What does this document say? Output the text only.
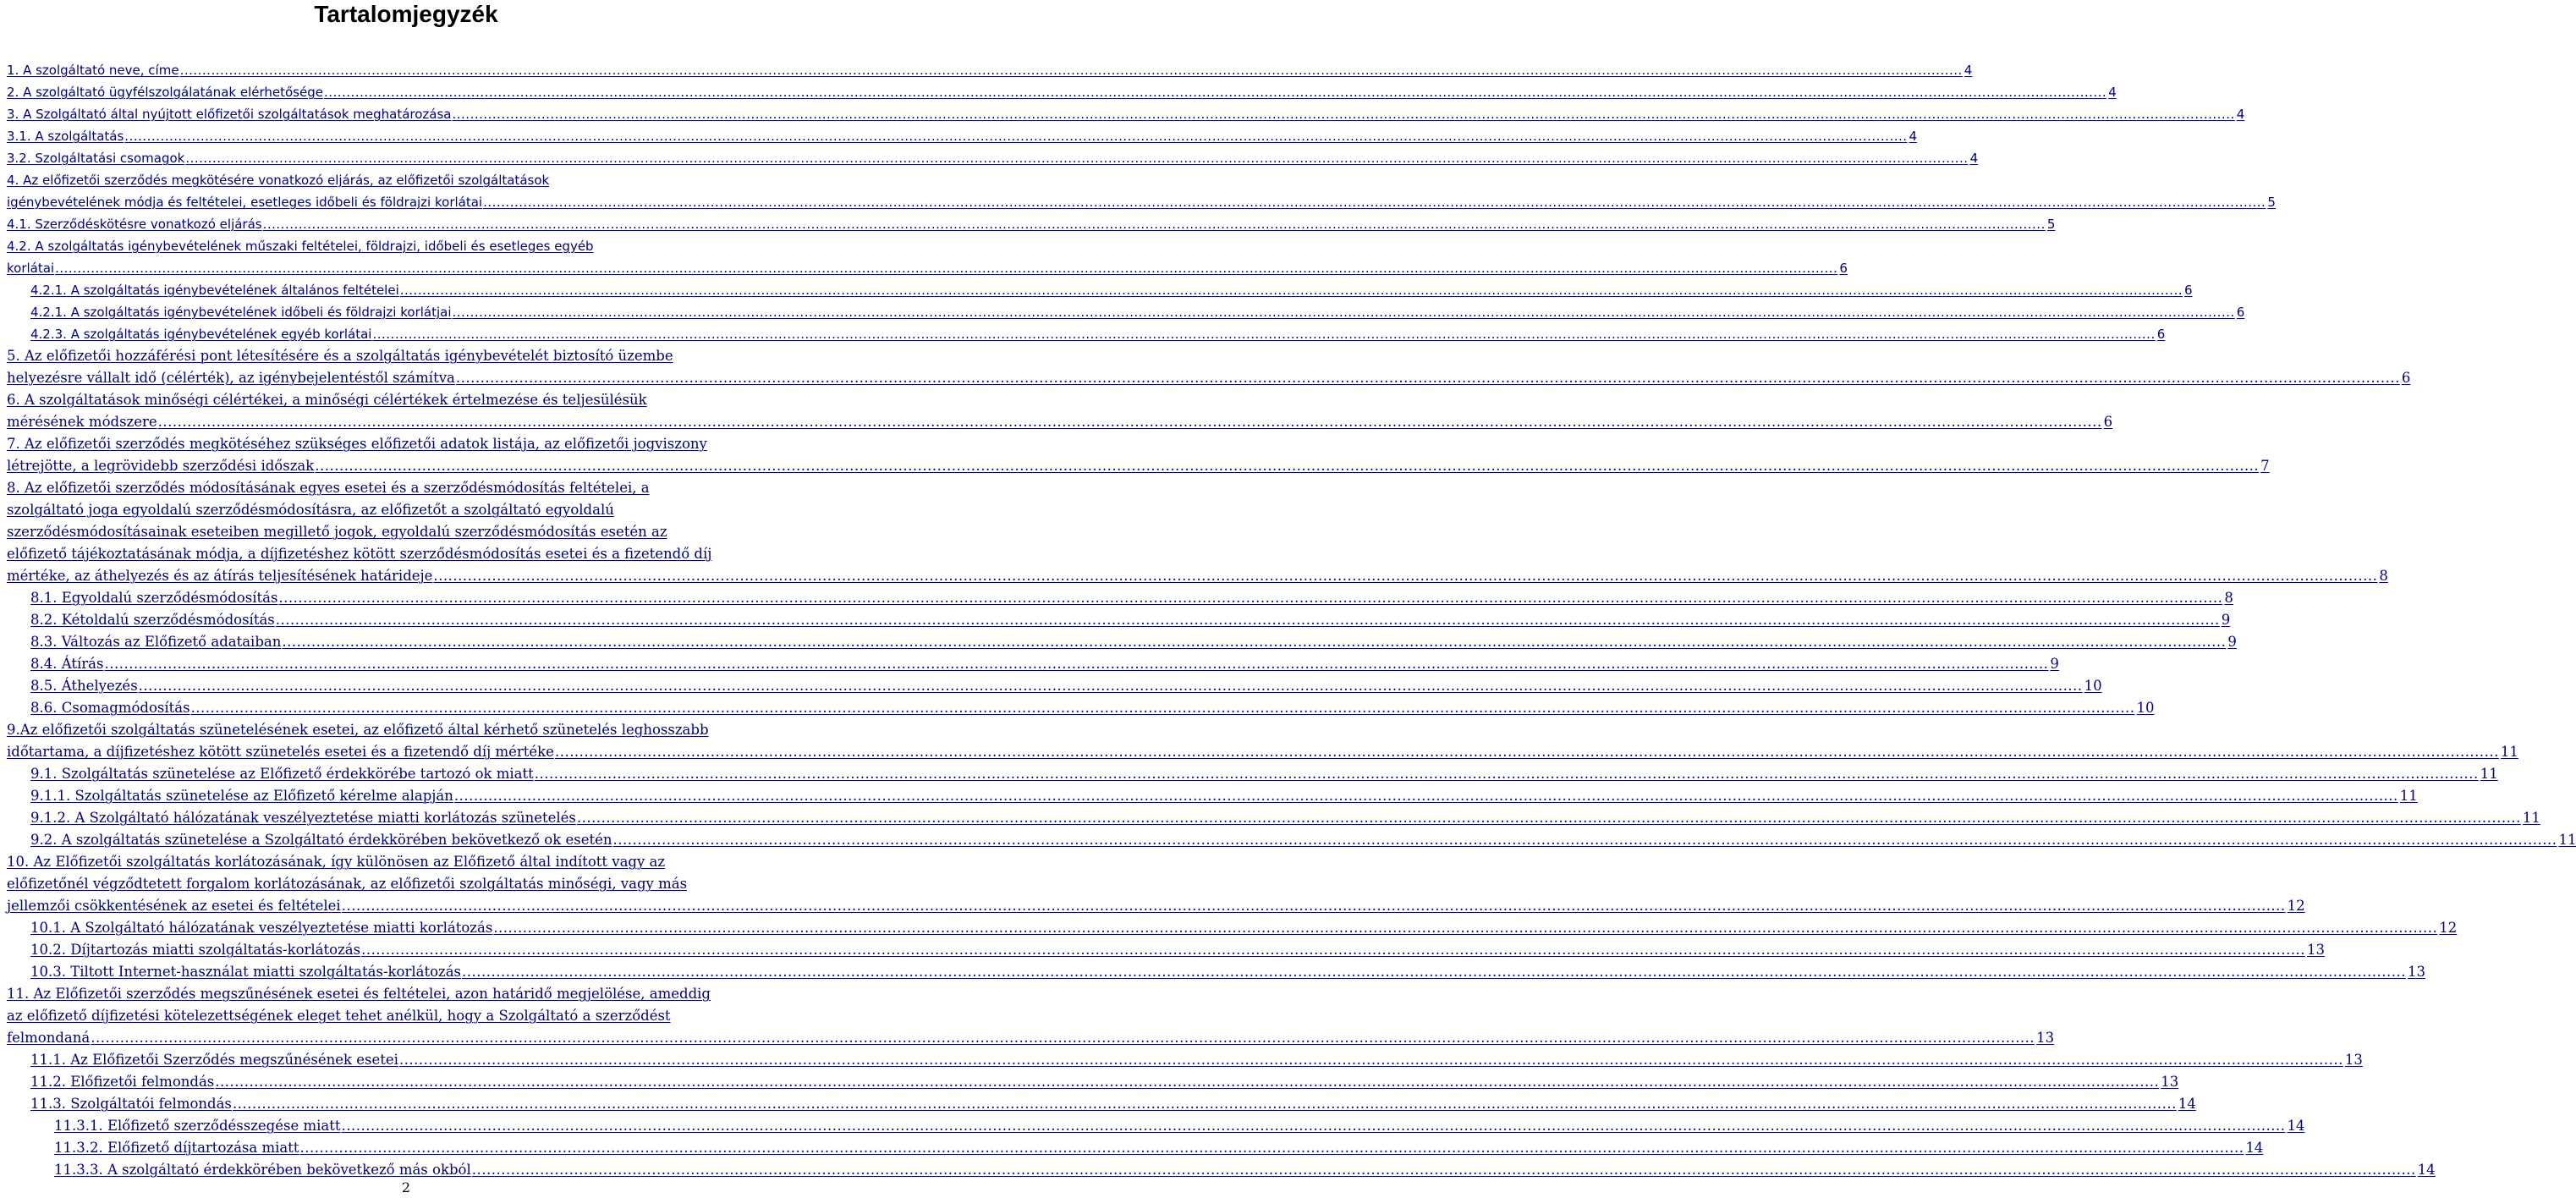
Tartalomjegyzék
1. A szolgáltató neve, címe ................................................................................................................................................................................................................................................................................................................................................................................................................ 4
2. A szolgáltató ügyfélszolgálatának elérhetősége ................................................................................................................................................................................................................................................................................................................................................................................................................ 4
3. A Szolgáltató által nyújtott előfizetői szolgáltatások meghatározása ................................................................................................................................................................................................................................................................................................................................................................................................................ 4
3.1. A szolgáltatás ................................................................................................................................................................................................................................................................................................................................................................................................................ 4
3.2. Szolgáltatási csomagok ................................................................................................................................................................................................................................................................................................................................................................................................................ 4
4. Az előfizetői szerződés megkötésére vonatkozó eljárás, az előfizetői szolgáltatások
igénybevételének módja és feltételei, esetleges időbeli és földrajzi korlátai ................................................................................................................................................................................................................................................................................................................................................................................................................ 5
4.1. Szerződéskötésre vonatkozó eljárás ................................................................................................................................................................................................................................................................................................................................................................................................................ 5
4.2. A szolgáltatás igénybevételének műszaki feltételei, földrajzi, időbeli és esetleges egyéb
korlátai ................................................................................................................................................................................................................................................................................................................................................................................................................ 6
4.2.1. A szolgáltatás igénybevételének általános feltételei ................................................................................................................................................................................................................................................................................................................................................................................................................ 6
4.2.1. A szolgáltatás igénybevételének időbeli és földrajzi korlátjai ................................................................................................................................................................................................................................................................................................................................................................................................................ 6
4.2.3. A szolgáltatás igénybevételének egyéb korlátai ................................................................................................................................................................................................................................................................................................................................................................................................................ 6
5. Az előfizetői hozzáférési pont létesítésére és a szolgáltatás igénybevételét biztosító üzembe
helyezésre vállalt idő (célérték), az igénybejelentéstől számítva ................................................................................................................................................................................................................................................................................................................................................................................................................ 6
6. A szolgáltatások minőségi célértékei, a minőségi célértékek értelmezése és teljesülésük
mérésének módszere ................................................................................................................................................................................................................................................................................................................................................................................................................ 6
7. Az előfizetői szerződés megkötéséhez szükséges előfizetői adatok listája, az előfizetői jogviszony
létrejötte, a legrövidebb szerződési időszak ................................................................................................................................................................................................................................................................................................................................................................................................................ 7
8. Az előfizetői szerződés módosításának egyes esetei és a szerződésmódosítás feltételei, a
szolgáltató joga egyoldalú szerződésmódosításra, az előfizetőt a szolgáltató egyoldalú
szerződésmódosításainak eseteiben megillető jogok, egyoldalú szerződésmódosítás esetén az
előfizető tájékoztatásának módja, a díjfizetéshez kötött szerződésmódosítás esetei és a fizetendő díj
mértéke, az áthelyezés és az átírás teljesítésének határideje ................................................................................................................................................................................................................................................................................................................................................................................................................ 8
8.1. Egyoldalú szerződésmódosítás ................................................................................................................................................................................................................................................................................................................................................................................................................ 8
8.2. Kétoldalú szerződésmódosítás ................................................................................................................................................................................................................................................................................................................................................................................................................ 9
8.3. Változás az Előfizető adataiban ................................................................................................................................................................................................................................................................................................................................................................................................................ 9
8.4. Átírás ................................................................................................................................................................................................................................................................................................................................................................................................................ 9
8.5. Áthelyezés ................................................................................................................................................................................................................................................................................................................................................................................................................ 10
8.6. Csomagmódosítás ................................................................................................................................................................................................................................................................................................................................................................................................................ 10
9.Az előfizetői szolgáltatás szünetelésének esetei, az előfizető által kérhető szünetelés leghosszabb
időtartama, a díjfizetéshez kötött szünetelés esetei és a fizetendő díj mértéke ................................................................................................................................................................................................................................................................................................................................................................................................................ 11
9.1. Szolgáltatás szünetelése az Előfizető érdekkörébe tartozó ok miatt ................................................................................................................................................................................................................................................................................................................................................................................................................ 11
9.1.1. Szolgáltatás szünetelése az Előfizető kérelme alapján ................................................................................................................................................................................................................................................................................................................................................................................................................ 11
9.1.2. A Szolgáltató hálózatának veszélyeztetése miatti korlátozás szünetelés ................................................................................................................................................................................................................................................................................................................................................................................................................ 11
9.2. A szolgáltatás szünetelése a Szolgáltató érdekkörében bekövetkező ok esetén ................................................................................................................................................................................................................................................................................................................................................................................................................ 11
10. Az Előfizetői szolgáltatás korlátozásának, így különösen az Előfizető által indított vagy az
előfizetőnél végződtetett forgalom korlátozásának, az előfizetői szolgáltatás minőségi, vagy más
jellemzői csökkentésének az esetei és feltételei ................................................................................................................................................................................................................................................................................................................................................................................................................ 12
10.1. A Szolgáltató hálózatának veszélyeztetése miatti korlátozás ................................................................................................................................................................................................................................................................................................................................................................................................................ 12
10.2. Díjtartozás miatti szolgáltatás-korlátozás ................................................................................................................................................................................................................................................................................................................................................................................................................ 13
10.3. Tiltott Internet-használat miatti szolgáltatás-korlátozás ................................................................................................................................................................................................................................................................................................................................................................................................................ 13
11. Az Előfizetői szerződés megszűnésének esetei és feltételei, azon határidő megjelölése, ameddig
az előfizető díjfizetési kötelezettségének eleget tehet anélkül, hogy a Szolgáltató a szerződést
felmondaná ................................................................................................................................................................................................................................................................................................................................................................................................................ 13
11.1. Az Előfizetői Szerződés megszűnésének esetei ................................................................................................................................................................................................................................................................................................................................................................................................................ 13
11.2. Előfizetői felmondás ................................................................................................................................................................................................................................................................................................................................................................................................................ 13
11.3. Szolgáltatói felmondás ................................................................................................................................................................................................................................................................................................................................................................................................................ 14
11.3.1. Előfizető szerződésszegése miatt ................................................................................................................................................................................................................................................................................................................................................................................................................ 14
11.3.2. Előfizető díjtartozása miatt ................................................................................................................................................................................................................................................................................................................................................................................................................ 14
11.3.3. A szolgáltató érdekkörében bekövetkező más okból ................................................................................................................................................................................................................................................................................................................................................................................................................ 14
2
